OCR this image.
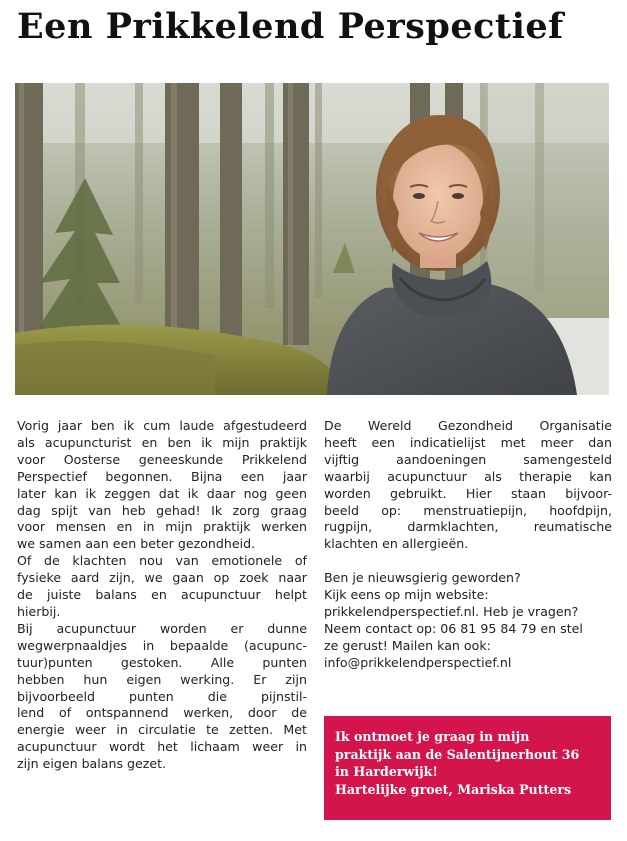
Een Prikkelend Perspectief

Vorig jaar ben ik cum laude afgestudeerd
als acupuncturist en ben ik mijn praktijk
voor Oosterse geneeskunde Prikkelend
Perspectief begonnen. Bijna een jaar
later kan ik zeggen dat ik daar nog geen
dag spijt van heb gehad! Ik zorg graag
voor mensen en in mijn praktijk werken
we samen aan een beter gezondheid.
Of de klachten nou van emotionele of
fysieke aard zijn, we gaan op zoek naar
de juiste balans en acupunctuur helpt
hierbij.
Bij acupunctuur worden er dunne
wegwerpnaaldjes in bepaalde (acupunc-
tuur)punten gestoken. Alle punten
hebben hun eigen werking. Er zijn
bijvoorbeeld punten die pijnstil-
lend of ontspannend werken, door de
energie weer in circulatie te zetten. Met
acupunctuur wordt het lichaam weer in
zijn eigen balans gezet.

De Wereld Gezondheid Organisatie
heeft een indicatielijst met meer dan
vijftig aandoeningen samengesteld
waarbij acupunctuur als therapie kan
worden gebruikt. Hier staan bijvoor-
beeld op: menstruatiepijn, hoofdpijn,
rugpijn, darmklachten, reumatische
klachten en allergieën.

Ben je nieuwsgierig geworden?
Kijk eens op mijn website:
prikkelendperspectief.nl. Heb je vragen?
Neem contact op: 06 81 95 84 79 en stel
ze gerust! Mailen kan ook:
info@prikkelendperspectief.nl

Ik ontmoet je graag in mijn
praktijk aan de Salentijnerhout 36
in Harderwijk!
Hartelijke groet, Mariska Putters
